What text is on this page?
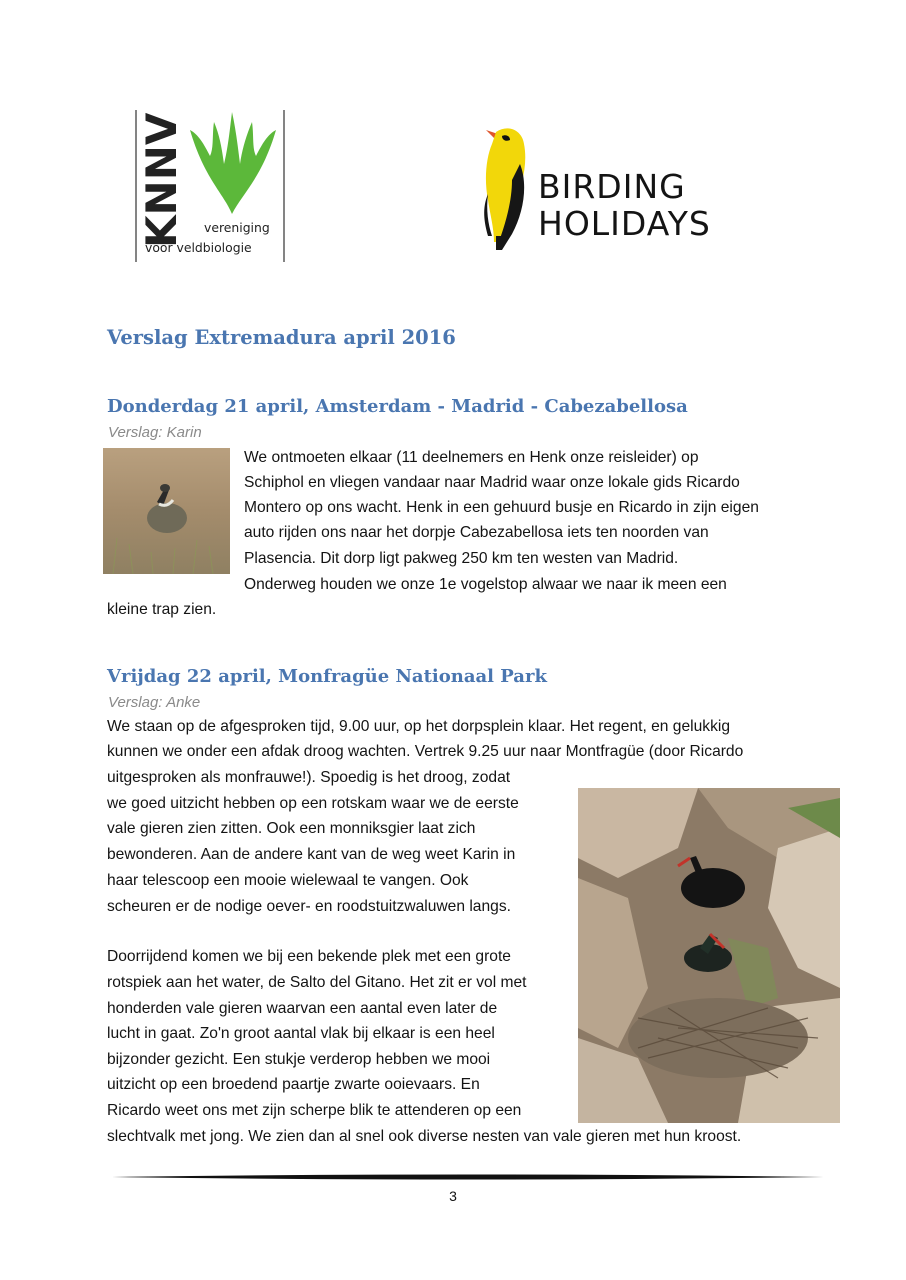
KNNV vereniging
voor veldbiologie
BIRDING
HOLIDAYS
Verslag Extremadura april 2016
Donderdag 21 april, Amsterdam - Madrid - Cabezabellosa
Verslag: Karin
We ontmoeten elkaar (11 deelnemers en Henk onze reisleider) op
Schiphol en vliegen vandaar naar Madrid waar onze lokale gids Ricardo
Montero op ons wacht. Henk in een gehuurd busje en Ricardo in zijn eigen
auto rijden ons naar het dorpje Cabezabellosa iets ten noorden van
Plasencia. Dit dorp ligt pakweg 250 km ten westen van Madrid.
Onderweg houden we onze 1e vogelstop alwaar we naar ik meen een
kleine trap zien.
Vrijdag 22 april, Monfragüe Nationaal Park
Verslag: Anke
We staan op de afgesproken tijd, 9.00 uur, op het dorpsplein klaar. Het regent, en gelukkig
kunnen we onder een afdak droog wachten. Vertrek 9.25 uur naar Montfragüe (door Ricardo
uitgesproken als monfrauwe!). Spoedig is het droog, zodat
we goed uitzicht hebben op een rotskam waar we de eerste
vale gieren zien zitten. Ook een monniksgier laat zich
bewonderen. Aan de andere kant van de weg weet Karin in
haar telescoop een mooie wielewaal te vangen. Ook
scheuren er de nodige oever- en roodstuitzwaluwen langs.
Doorrijdend komen we bij een bekende plek met een grote
rotspiek aan het water, de Salto del Gitano. Het zit er vol met
honderden vale gieren waarvan een aantal even later de
lucht in gaat. Zo'n groot aantal vlak bij elkaar is een heel
bijzonder gezicht. Een stukje verderop hebben we mooi
uitzicht op een broedend paartje zwarte ooievaars. En
Ricardo weet ons met zijn scherpe blik te attenderen op een
slechtvalk met jong. We zien dan al snel ook diverse nesten van vale gieren met hun kroost.
3
